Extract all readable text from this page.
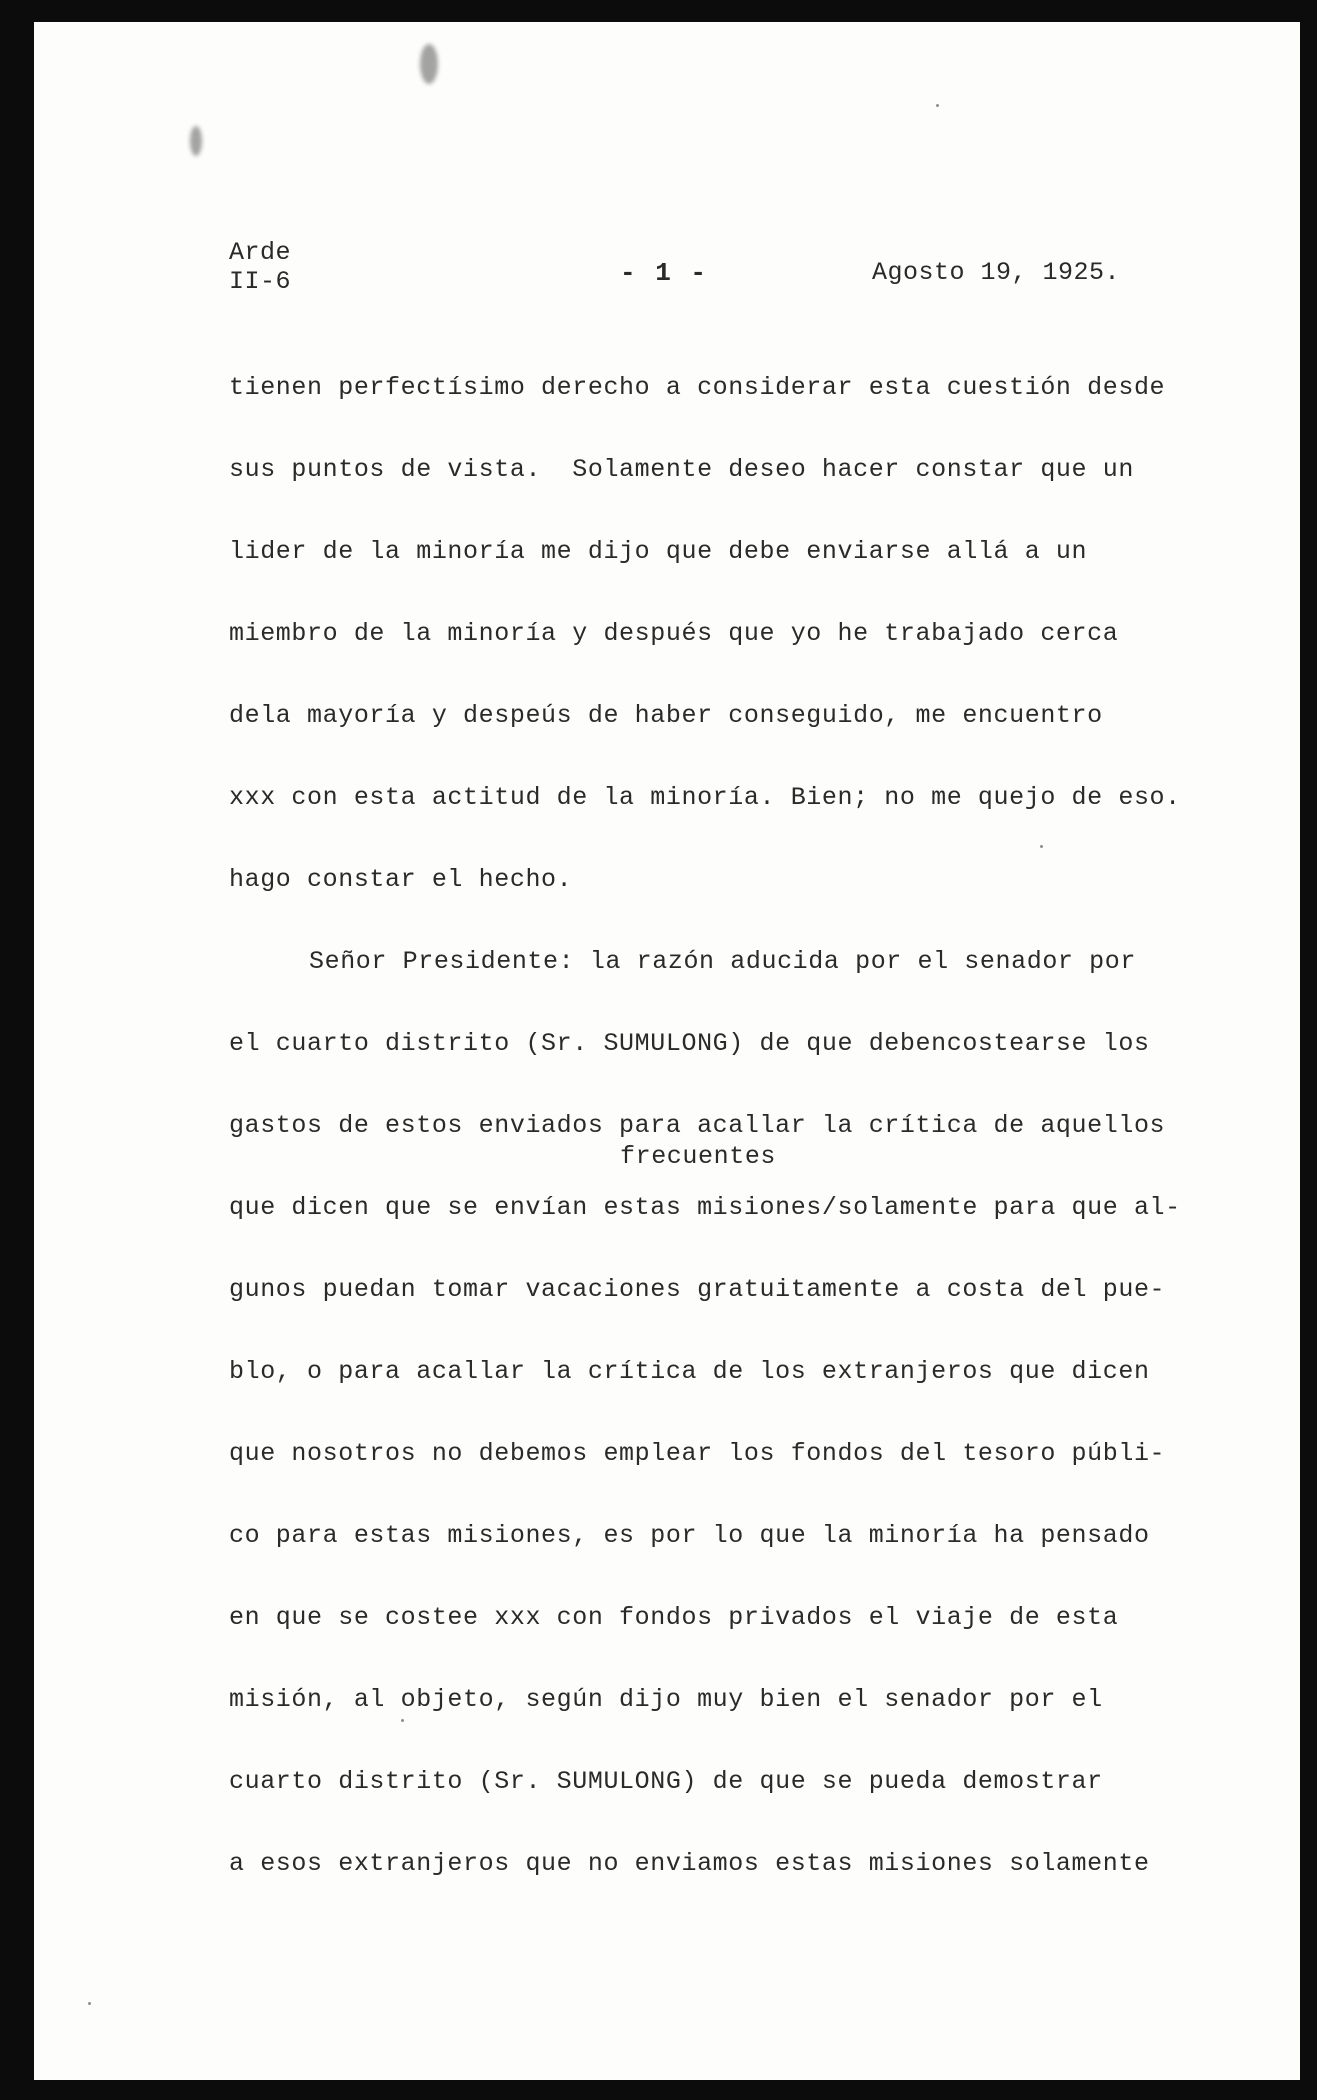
Arde
II-6	- 1 -	Agosto 19, 1925.
frecuentes
tienen perfectísimo derecho a considerar esta cuestión desde
sus puntos de vista.  Solamente deseo hacer constar que un
lider de la minoría me dijo que debe enviarse allá a un
miembro de la minoría y después que yo he trabajado cerca
dela mayoría y despeús de haber conseguido, me encuentro
xxx con esta actitud de la minoría. Bien; no me quejo de eso.
hago constar el hecho.
Señor Presidente: la razón aducida por el senador por
el cuarto distrito (Sr. SUMULONG) de que debencostearse los
gastos de estos enviados para acallar la crítica de aquellos
que dicen que se envían estas misiones/solamente para que al-
gunos puedan tomar vacaciones gratuitamente a costa del pue-
blo, o para acallar la crítica de los extranjeros que dicen
que nosotros no debemos emplear los fondos del tesoro públi-
co para estas misiones, es por lo que la minoría ha pensado
en que se costee xxx con fondos privados el viaje de esta
misión, al objeto, según dijo muy bien el senador por el
cuarto distrito (Sr. SUMULONG) de que se pueda demostrar
a esos extranjeros que no enviamos estas misiones solamente
